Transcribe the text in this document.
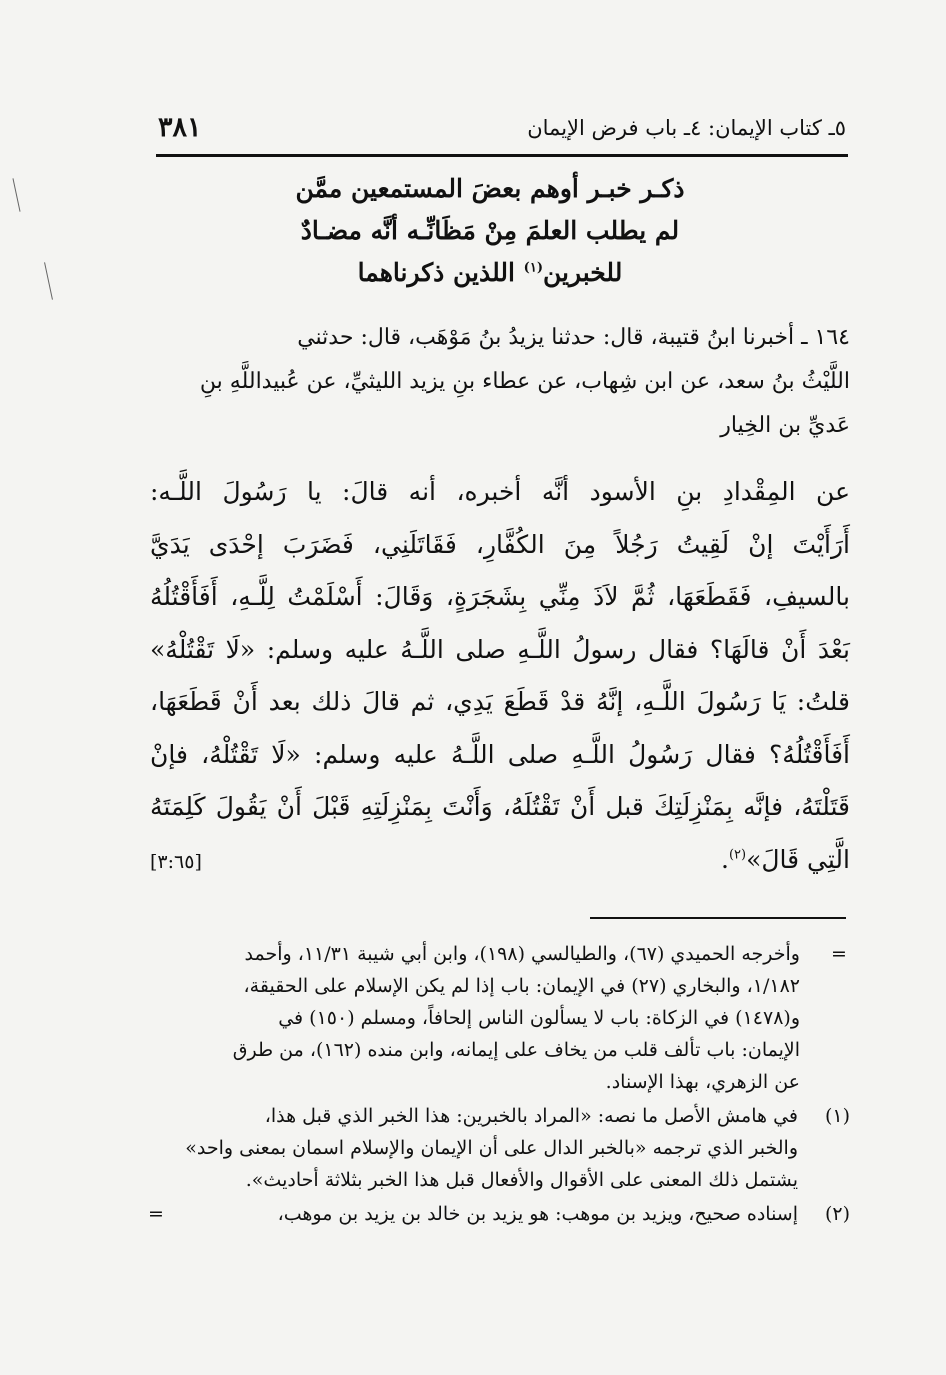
٣٨١	٥ـ كتاب الإيمان: ٤ـ باب فرض الإيمان
ذكـر خبـر أوهم بعضَ المستمعين ممَّن
لم يطلب العلمَ مِنْ مَظَانِّـه أنَّه مضـادٌ
للخبرين$^{(١)}$ اللذين ذكرناهما
١٦٤ ـ أخبرنا ابنُ قتيبة، قال: حدثنا يزيدُ بنُ مَوْهَب، قال: حدثني
اللَّيْثُ بنُ سعد، عن ابن شِهاب، عن عطاء بنِ يزيد الليثيِّ، عن عُبيداللَّهِ بنِ
عَديِّ بن الخِيار
عن المِقْدادِ بنِ الأسود أنَّه أخبره، أنه قالَ: يا رَسُولَ اللَّـه:
أَرَأَيْتَ إنْ لَقِيتُ رَجُلاً مِنَ الكُفَّارِ، فَقَاتَلَنِي، فَضَرَبَ إحْدَى يَدَيَّ
بالسيفِ، فَقَطَعَهَا، ثُمَّ لاَذَ مِنِّي بِشَجَرَةٍ، وَقَالَ: أَسْلَمْتُ لِلَّـهِ، أَفَأَقْتُلُهُ
بَعْدَ أَنْ قالَهَا؟ فقال رسولُ اللَّـهِ صلى اللَّـهُ عليه وسلم: «لَا تَقْتُلْهُ»
قلتُ: يَا رَسُولَ اللَّـهِ، إنَّهُ قدْ قَطَعَ يَدِي، ثم قالَ ذلك بعد أَنْ قَطَعَهَا،
أَفَأَقْتُلُهُ؟ فقال رَسُولُ اللَّـهِ صلى اللَّـهُ عليه وسلم: «لَا تَقْتُلْهُ، فإنْ
قَتَلْتَهُ، فإنَّه بِمَنْزِلَتِكَ قبل أَنْ تَقْتُلَهُ، وَأَنْتَ بِمَنْزِلَتِهِ قَبْلَ أَنْ يَقُولَ كَلِمَتَهُ
الَّتِي قَالَ»$^{(٢)}$.
[٣:٦٥]
=
وأخرجه الحميدي (٦٧)، والطيالسي (١٩٨)، وابن أبي شيبة ١١/٣١، وأحمد
١/١٨٢، والبخاري (٢٧) في الإيمان: باب إذا لم يكن الإسلام على الحقيقة،
و(١٤٧٨) في الزكاة: باب لا يسألون الناس إلحافاً، ومسلم (١٥٠) في
الإيمان: باب تألف قلب من يخاف على إيمانه، وابن منده (١٦٢)، من طرق
عن الزهري، بهذا الإسناد.
(١)
في هامش الأصل ما نصه: «المراد بالخبرين: هذا الخبر الذي قبل هذا،
والخبر الذي ترجمه «بالخبر الدال على أن الإيمان والإسلام اسمان بمعنى واحد»
يشتمل ذلك المعنى على الأقوال والأفعال قبل هذا الخبر بثلاثة أحاديث».
(٢)
=	إسناده صحيح، ويزيد بن موهب: هو يزيد بن خالد بن يزيد بن موهب،
